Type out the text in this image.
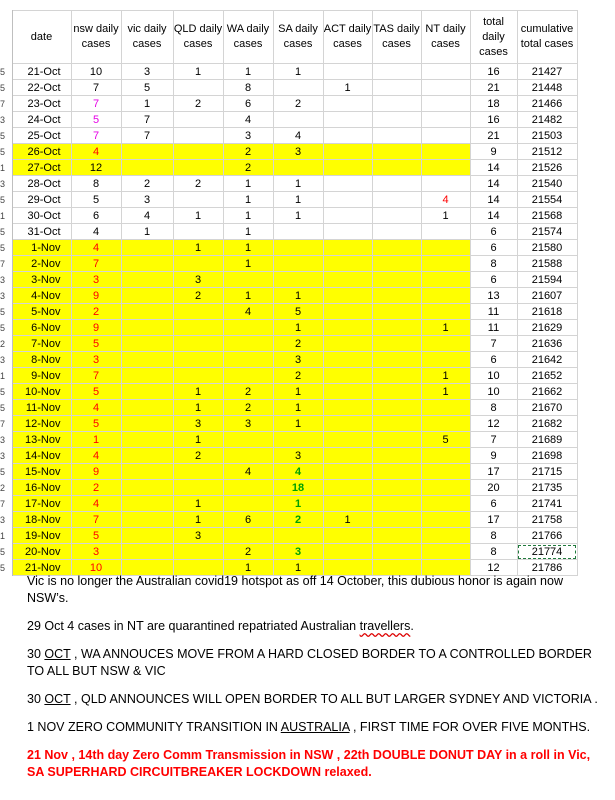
	date	nsw daily cases	vic daily cases	QLD daily cases	WA daily cases	SA daily cases	ACT daily cases	TAS daily cases	NT daily cases	total daily cases	cumulative total cases
5	21-Oct	10	3	1	1	1				16	21427
5	22-Oct	7	5		8		1			21	21448
7	23-Oct	7	1	2	6	2				18	21466
3	24-Oct	5	7		4					16	21482
5	25-Oct	7	7		3	4				21	21503
5	26-Oct	4			2	3				9	21512
1	27-Oct	12			2					14	21526
3	28-Oct	8	2	2	1	1				14	21540
5	29-Oct	5	3		1	1			4	14	21554
1	30-Oct	6	4	1	1	1			1	14	21568
5	31-Oct	4	1		1					6	21574
5	1-Nov	4		1	1					6	21580
7	2-Nov	7			1					8	21588
3	3-Nov	3		3						6	21594
3	4-Nov	9		2	1	1				13	21607
5	5-Nov	2			4	5				11	21618
5	6-Nov	9				1			1	11	21629
2	7-Nov	5				2				7	21636
3	8-Nov	3				3				6	21642
1	9-Nov	7				2			1	10	21652
5	10-Nov	5		1	2	1			1	10	21662
5	11-Nov	4		1	2	1				8	21670
7	12-Nov	5		3	3	1				12	21682
3	13-Nov	1		1					5	7	21689
3	14-Nov	4		2		3				9	21698
5	15-Nov	9			4	4				17	21715
2	16-Nov	2				18				20	21735
7	17-Nov	4		1		1				6	21741
3	18-Nov	7		1	6	2	1			17	21758
1	19-Nov	5		3						8	21766
5	20-Nov	3			2	3				8	21774
5	21-Nov	10			1	1				12	21786

Vic is no longer the Australian covid19 hotspot as off 14 October, this dubious honor is again now NSW’s.

29 Oct 4 cases in NT are quarantined repatriated Australian travellers.

30 OCT , WA ANNOUCES MOVE FROM A HARD CLOSED BORDER TO A CONTROLLED BORDER TO ALL BUT NSW & VIC

30 OCT , QLD ANNOUNCES WILL OPEN BORDER TO ALL BUT LARGER SYDNEY AND VICTORIA .

1 NOV ZERO COMMUNITY TRANSITION IN AUSTRALIA , FIRST TIME FOR OVER FIVE MONTHS.

21 Nov , 14th day Zero Comm Transmission in NSW , 22th DOUBLE DONUT DAY in a roll in Vic, SA SUPERHARD CIRCUITBREAKER LOCKDOWN relaxed.
